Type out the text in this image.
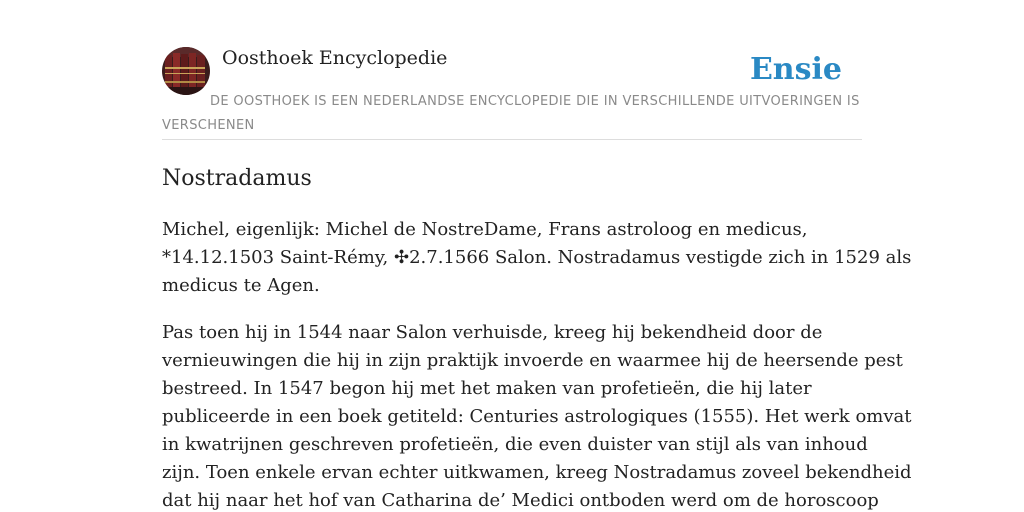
Oosthoek Encyclopedie	Ensie
DE OOSTHOEK IS EEN NEDERLANDSE ENCYCLOPEDIE DIE IN VERSCHILLENDE UITVOERINGEN IS VERSCHENEN
Nostradamus

Michel, eigenlijk: Michel de NostreDame, Frans astroloog en medicus,
*14.12.1503 Saint-Rémy, ✣2.7.1566 Salon. Nostradamus vestigde zich in 1529 als
medicus te Agen.

Pas toen hij in 1544 naar Salon verhuisde, kreeg hij bekendheid door de
vernieuwingen die hij in zijn praktijk invoerde en waarmee hij de heersende pest
bestreed. In 1547 begon hij met het maken van profetieën, die hij later
publiceerde in een boek getiteld: Centuries astrologiques (1555). Het werk omvat
in kwatrijnen geschreven profetieën, die even duister van stijl als van inhoud
zijn. Toen enkele ervan echter uitkwamen, kreeg Nostradamus zoveel bekendheid
dat hij naar het hof van Catharina de’ Medici ontboden werd om de horoscoop
